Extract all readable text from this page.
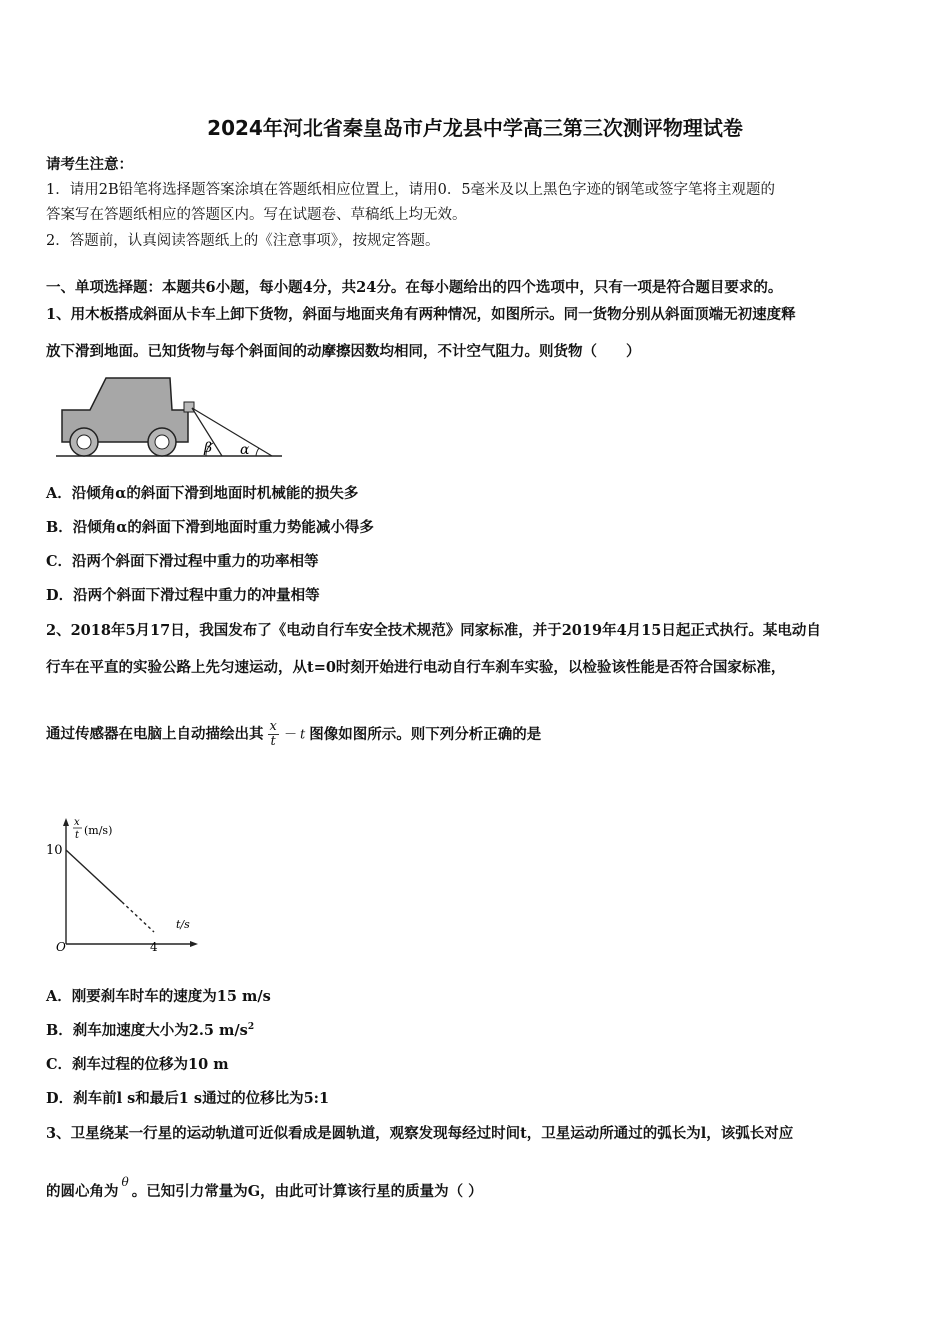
2024年河北省秦皇岛市卢龙县中学高三第三次测评物理试卷
请考生注意：
1．请用2B铅笔将选择题答案涂填在答题纸相应位置上，请用0．5毫米及以上黑色字迹的钢笔或签字笔将主观题的
答案写在答题纸相应的答题区内。写在试题卷、草稿纸上均无效。
2．答题前，认真阅读答题纸上的《注意事项》，按规定答题。
一、单项选择题：本题共6小题，每小题4分，共24分。在每小题给出的四个选项中，只有一项是符合题目要求的。
1、用木板搭成斜面从卡车上卸下货物，斜面与地面夹角有两种情况，如图所示。同一货物分别从斜面顶端无初速度释
放下滑到地面。已知货物与每个斜面间的动摩擦因数均相同，不计空气阻力。则货物（　　）
β α
A．沿倾角α的斜面下滑到地面时机械能的损失多
B．沿倾角α的斜面下滑到地面时重力势能减小得多
C．沿两个斜面下滑过程中重力的功率相等
D．沿两个斜面下滑过程中重力的冲量相等
2、2018年5月17日，我国发布了《电动自行车安全技术规范》同家标准，并于2019年4月15日起正式执行。某电动自
行车在平直的实验公路上先匀速运动，从t=0时刻开始进行电动自行车刹车实验，以检验该性能是否符合国家标准，
通过传感器在电脑上自动描绘出其 $\frac{x}{t} - t$ 图像如图所示。则下列分析正确的是
x
t (m/s)
10
t/s
4
O
A．刚要刹车时车的速度为15 m/s
B．刹车加速度大小为2.5 $m/s^2$
C．刹车过程的位移为10 m
D．刹车前l s和最后1 s通过的位移比为5:1
3、卫星绕某一行星的运动轨道可近似看成是圆轨道，观察发现每经过时间t，卫星运动所通过的弧长为l，该弧长对应
的圆心角为$^\theta$。已知引力常量为G，由此可计算该行星的质量为（ ）
